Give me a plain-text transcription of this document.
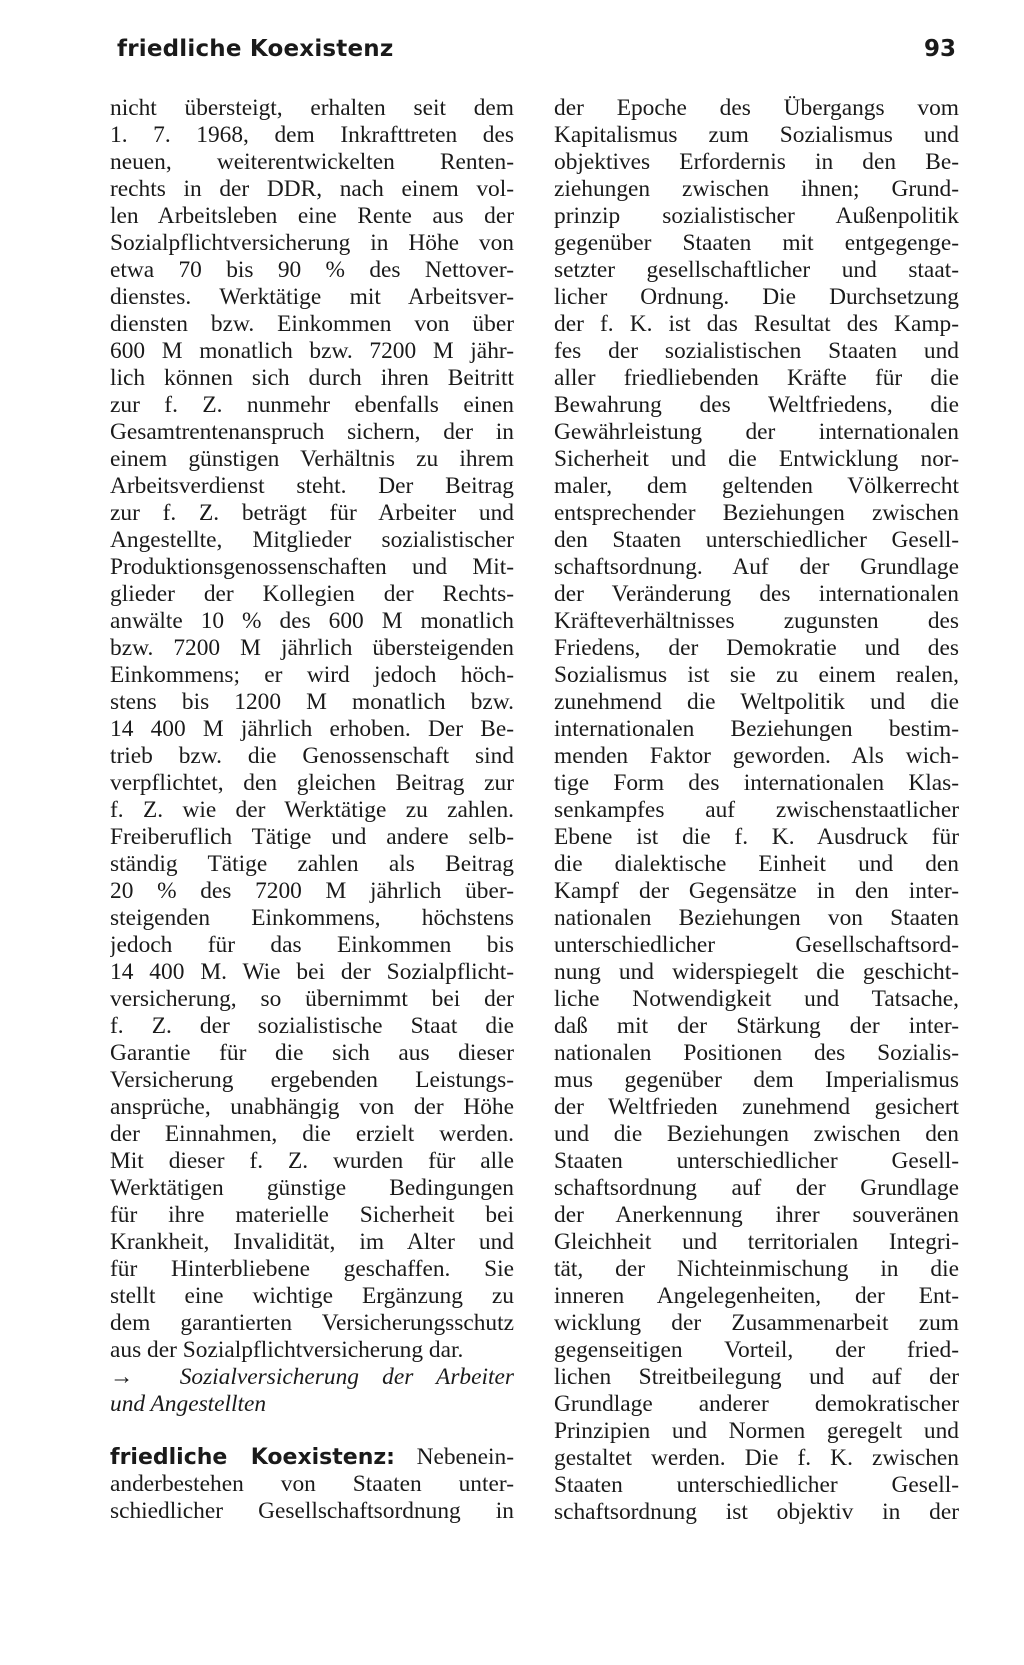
friedliche Koexistenz	93
nicht übersteigt, erhalten seit dem
1. 7. 1968, dem Inkrafttreten des
neuen, weiterentwickelten Renten-
rechts in der DDR, nach einem vol-
len Arbeitsleben eine Rente aus der
Sozialpflichtversicherung in Höhe von
etwa 70 bis 90 % des Nettover-
dienstes. Werktätige mit Arbeitsver-
diensten bzw. Einkommen von über
600 M monatlich bzw. 7200 M jähr-
lich können sich durch ihren Beitritt
zur f. Z. nunmehr ebenfalls einen
Gesamtrentenanspruch sichern, der in
einem günstigen Verhältnis zu ihrem
Arbeitsverdienst steht. Der Beitrag
zur f. Z. beträgt für Arbeiter und
Angestellte, Mitglieder sozialistischer
Produktionsgenossenschaften und Mit-
glieder der Kollegien der Rechts-
anwälte 10 % des 600 M monatlich
bzw. 7200 M jährlich übersteigenden
Einkommens; er wird jedoch höch-
stens bis 1200 M monatlich bzw.
14 400 M jährlich erhoben. Der Be-
trieb bzw. die Genossenschaft sind
verpflichtet, den gleichen Beitrag zur
f. Z. wie der Werktätige zu zahlen.
Freiberuflich Tätige und andere selb-
ständig Tätige zahlen als Beitrag
20 % des 7200 M jährlich über-
steigenden Einkommens, höchstens
jedoch für das Einkommen bis
14 400 M. Wie bei der Sozialpflicht-
versicherung, so übernimmt bei der
f. Z. der sozialistische Staat die
Garantie für die sich aus dieser
Versicherung ergebenden Leistungs-
ansprüche, unabhängig von der Höhe
der Einnahmen, die erzielt werden.
Mit dieser f. Z. wurden für alle
Werktätigen günstige Bedingungen
für ihre materielle Sicherheit bei
Krankheit, Invalidität, im Alter und
für Hinterbliebene geschaffen. Sie
stellt eine wichtige Ergänzung zu
dem garantierten Versicherungsschutz
aus der Sozialpflichtversicherung dar.
→ Sozialversicherung der Arbeiter
und Angestellten
friedliche Koexistenz: Nebenein-
anderbestehen von Staaten unter-
schiedlicher Gesellschaftsordnung in
der Epoche des Übergangs vom
Kapitalismus zum Sozialismus und
objektives Erfordernis in den Be-
ziehungen zwischen ihnen; Grund-
prinzip sozialistischer Außenpolitik
gegenüber Staaten mit entgegenge-
setzter gesellschaftlicher und staat-
licher Ordnung. Die Durchsetzung
der f. K. ist das Resultat des Kamp-
fes der sozialistischen Staaten und
aller friedliebenden Kräfte für die
Bewahrung des Weltfriedens, die
Gewährleistung der internationalen
Sicherheit und die Entwicklung nor-
maler, dem geltenden Völkerrecht
entsprechender Beziehungen zwischen
den Staaten unterschiedlicher Gesell-
schaftsordnung. Auf der Grundlage
der Veränderung des internationalen
Kräfteverhältnisses zugunsten des
Friedens, der Demokratie und des
Sozialismus ist sie zu einem realen,
zunehmend die Weltpolitik und die
internationalen Beziehungen bestim-
menden Faktor geworden. Als wich-
tige Form des internationalen Klas-
senkampfes auf zwischenstaatlicher
Ebene ist die f. K. Ausdruck für
die dialektische Einheit und den
Kampf der Gegensätze in den inter-
nationalen Beziehungen von Staaten
unterschiedlicher Gesellschaftsord-
nung und widerspiegelt die geschicht-
liche Notwendigkeit und Tatsache,
daß mit der Stärkung der inter-
nationalen Positionen des Sozialis-
mus gegenüber dem Imperialismus
der Weltfrieden zunehmend gesichert
und die Beziehungen zwischen den
Staaten unterschiedlicher Gesell-
schaftsordnung auf der Grundlage
der Anerkennung ihrer souveränen
Gleichheit und territorialen Integri-
tät, der Nichteinmischung in die
inneren Angelegenheiten, der Ent-
wicklung der Zusammenarbeit zum
gegenseitigen Vorteil, der fried-
lichen Streitbeilegung und auf der
Grundlage anderer demokratischer
Prinzipien und Normen geregelt und
gestaltet werden. Die f. K. zwischen
Staaten unterschiedlicher Gesell-
schaftsordnung ist objektiv in der
